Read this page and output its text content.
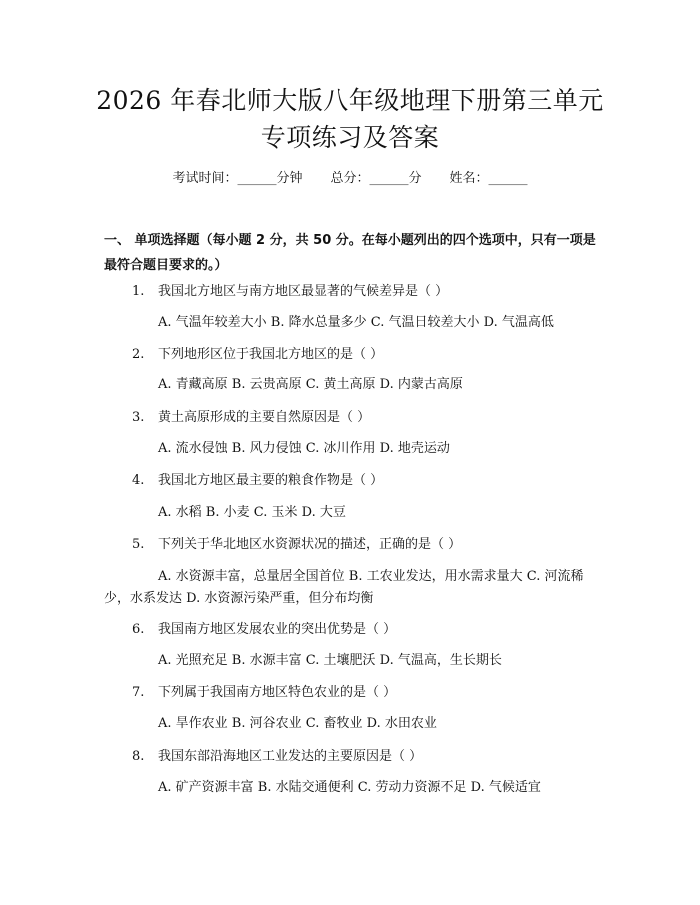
2026 年春北师大版八年级地理下册第三单元
专项练习及答案
考试时间：______分钟 总分：______分 姓名：______
一、 单项选择题（每小题 2 分，共 50 分。在每小题列出的四个选项中，只有一项是最符合题目要求的。）
1. 我国北方地区与南方地区最显著的气候差异是（ ）
A. 气温年较差大小 B. 降水总量多少 C. 气温日较差大小 D. 气温高低
2. 下列地形区位于我国北方地区的是（ ）
A. 青藏高原 B. 云贵高原 C. 黄土高原 D. 内蒙古高原
3. 黄土高原形成的主要自然原因是（ ）
A. 流水侵蚀 B. 风力侵蚀 C. 冰川作用 D. 地壳运动
4. 我国北方地区最主要的粮食作物是（ ）
A. 水稻 B. 小麦 C. 玉米 D. 大豆
5. 下列关于华北地区水资源状况的描述，正确的是（ ）
A. 水资源丰富，总量居全国首位 B. 工农业发达，用水需求量大 C. 河流稀少，水系发达 D. 水资源污染严重，但分布均衡
6. 我国南方地区发展农业的突出优势是（ ）
A. 光照充足 B. 水源丰富 C. 土壤肥沃 D. 气温高，生长期长
7. 下列属于我国南方地区特色农业的是（ ）
A. 旱作农业 B. 河谷农业 C. 畜牧业 D. 水田农业
8. 我国东部沿海地区工业发达的主要原因是（ ）
A. 矿产资源丰富 B. 水陆交通便利 C. 劳动力资源不足 D. 气候适宜
